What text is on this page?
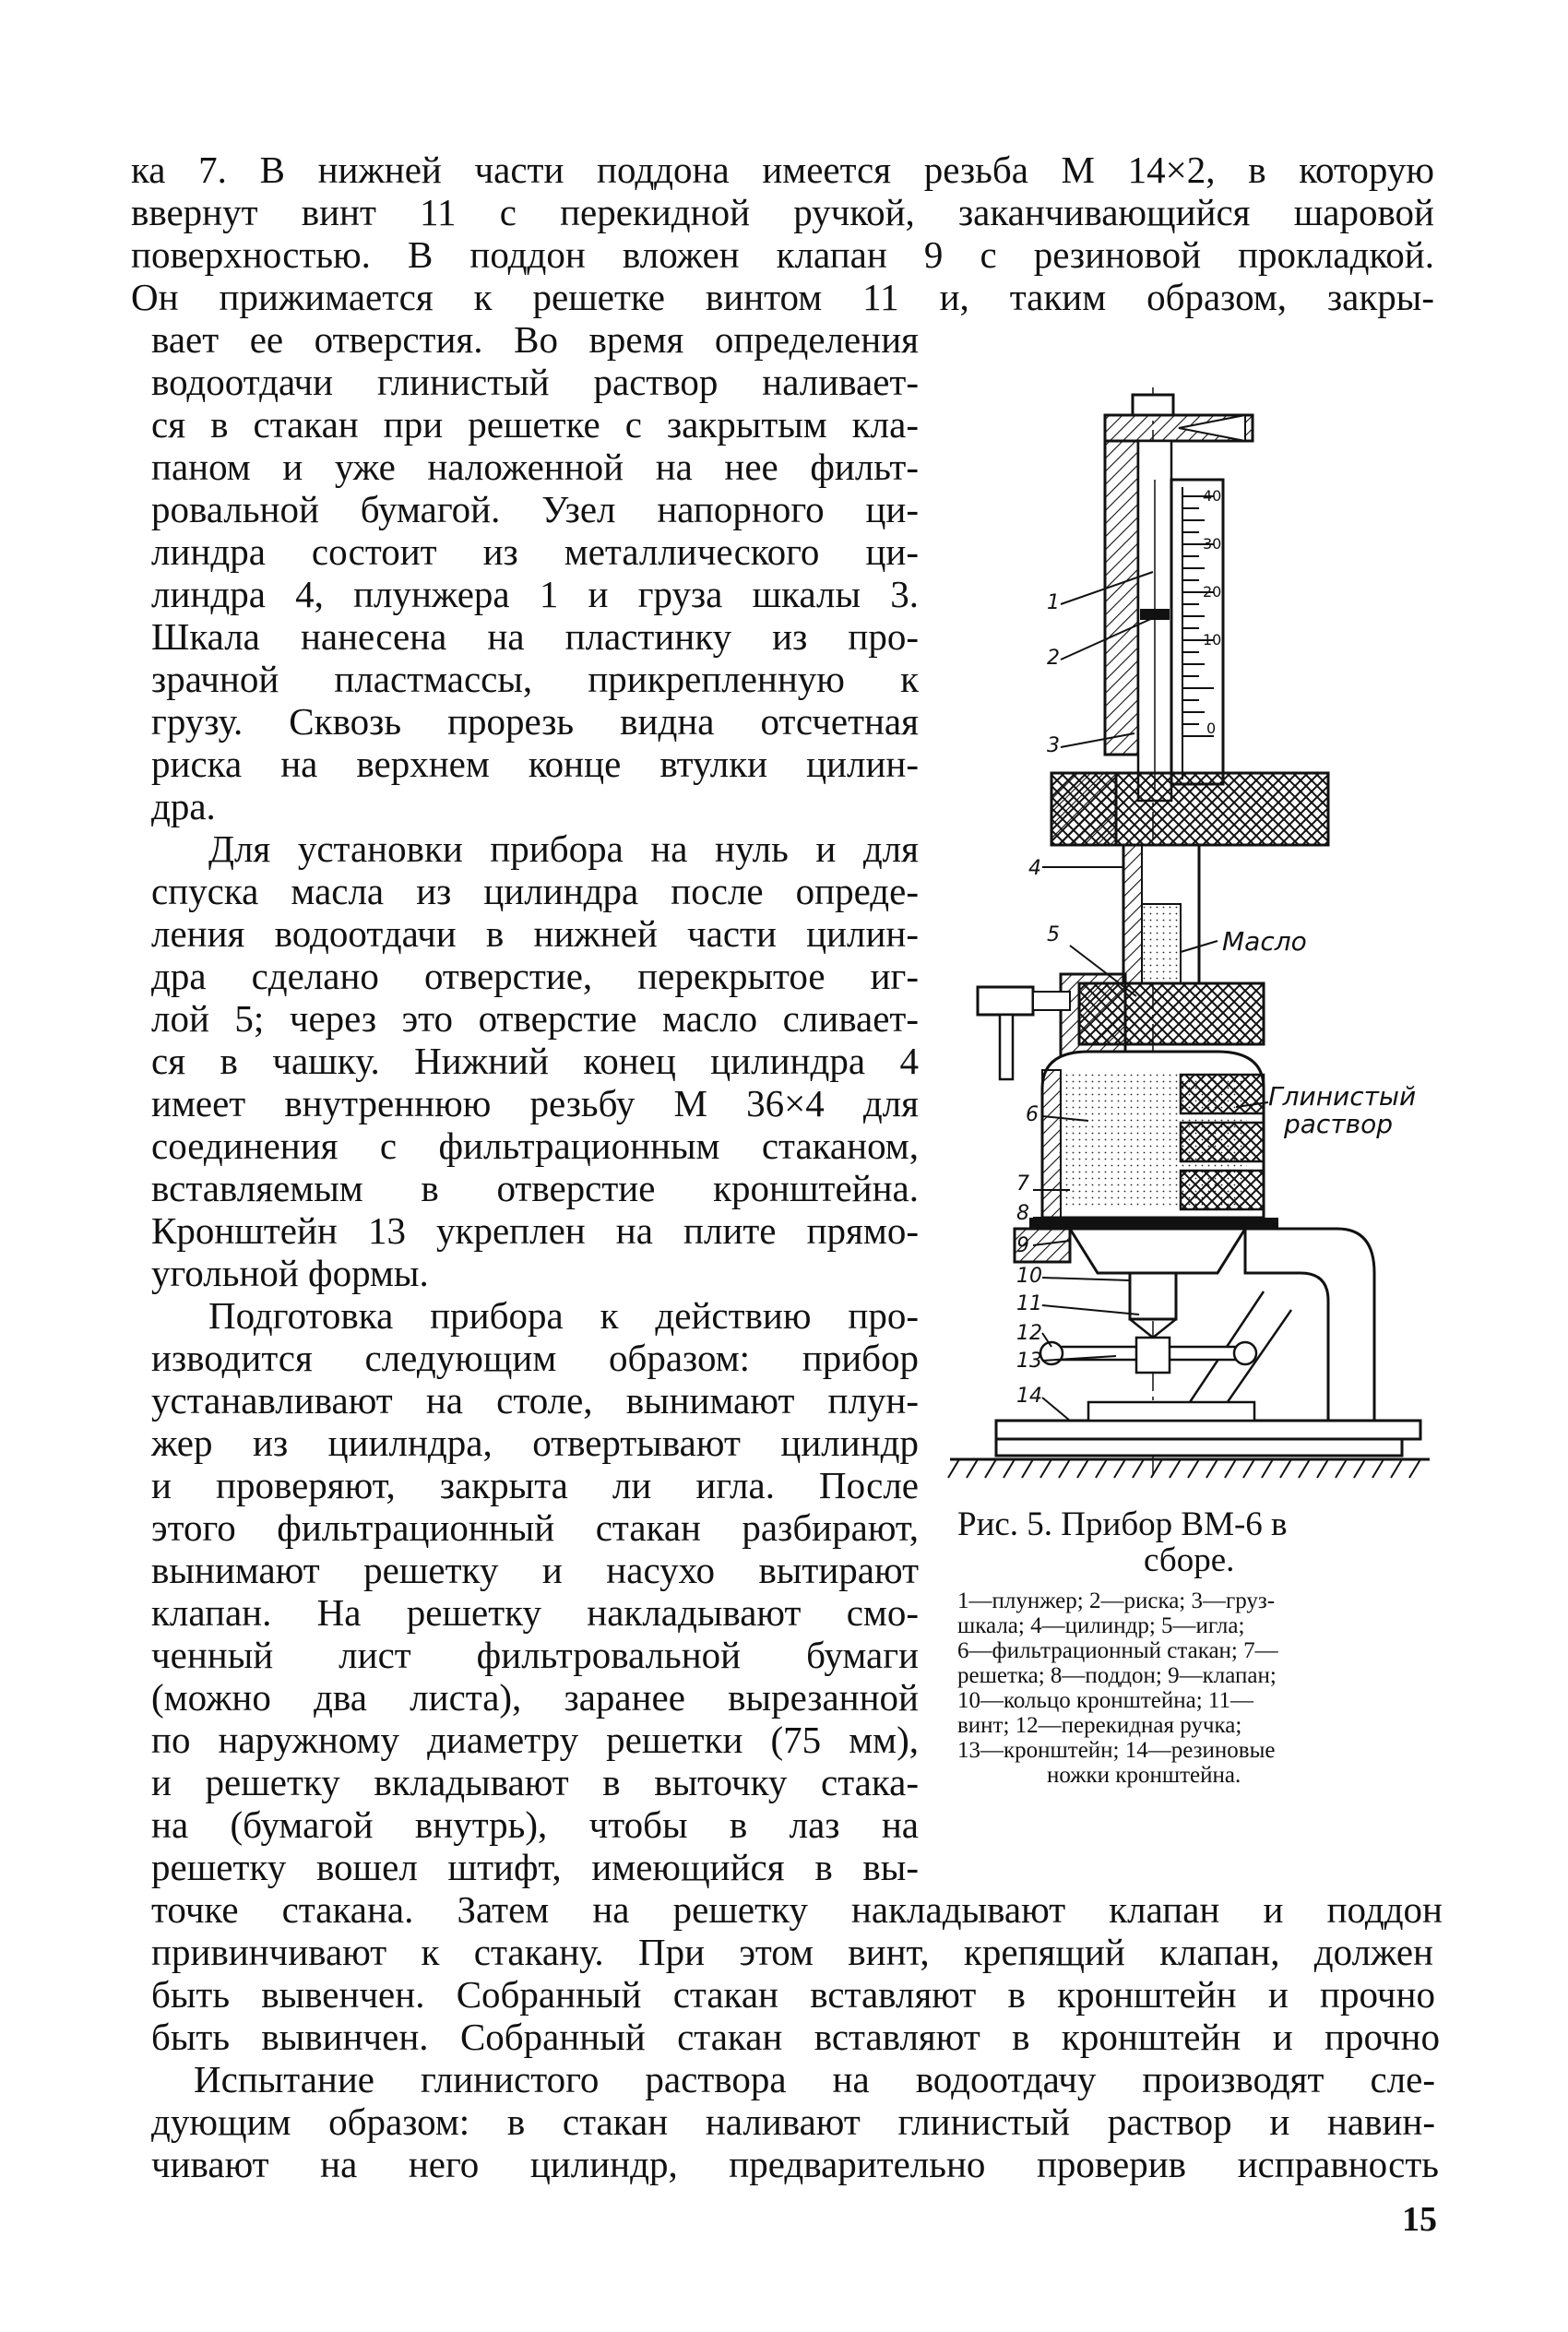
ка 7. В нижней части поддона имеется резьба М 14×2, в которую

ввернут винт 11 с перекидной ручкой, заканчивающийся шаровой

поверхностью. В поддон вложен клапан 9 с резиновой прокладкой.

Он прижимается к решетке винтом 11 и, таким образом, закры-

вает ее отверстия. Во время определения

водоотдачи глинистый раствор наливает-

ся в стакан при решетке с закрытым кла-

паном и уже наложенной на нее фильт-

ровальной бумагой. Узел напорного ци-

линдра состоит из металлического ци-

линдра 4, плунжера 1 и груза шкалы 3.

Шкала нанесена на пластинку из про-

зрачной пластмассы, прикрепленную к

грузу. Сквозь прорезь видна отсчетная

риска на верхнем конце втулки цилин-

дра.

Для установки прибора на нуль и для

спуска масла из цилиндра после опреде-

ления водоотдачи в нижней части цилин-

дра сделано отверстие, перекрытое иг-

лой 5; через это отверстие масло сливает-

ся в чашку. Нижний конец цилиндра 4

имеет внутреннюю резьбу М 36×4 для

соединения с фильтрационным стаканом,

вставляемым в отверстие кронштейна.

Кронштейн 13 укреплен на плите прямо-

угольной формы.

Подготовка прибора к действию про-

изводится следующим образом: прибор

устанавливают на столе, вынимают плун-

жер из циилндра, отвертывают цилиндр

и проверяют, закрыта ли игла. После

этого фильтрационный стакан разбирают,

вынимают решетку и насухо вытирают

клапан. На решетку накладывают смо-

ченный лист фильтровальной бумаги

(можно два листа), заранее вырезанной

по наружному диаметру решетки (75 мм),

и решетку вкладывают в выточку стака-

на (бумагой внутрь), чтобы в лаз на

решетку вошел штифт, имеющийся в вы-

точке стакана. Затем на решетку накладывают клапан и поддон

привинчивают к стакану. При этом винт, крепящий клапан, должен

быть вывенчен. Собранный стакан вставляют в кронштейн и прочно

быть вывинчен. Собранный стакан вставляют в кронштейн и прочно

Испытание глинистого раствора на водоотдачу производят сле-

дующим образом: в стакан наливают глинистый раствор и навин-

чивают на него цилиндр, предварительно проверив исправность

40
30
20
10
0
1
2
3
4
5
6
7
8
9
10
11
12
13
14
Масло
Глинистый
раствор
Рис. 5. Прибор ВМ-6 в
сборе.
1—плунжер; 2—риска; 3—груз-
шкала; 4—цилиндр; 5—игла;
6—фильтрационный стакан; 7—
решетка; 8—поддон; 9—клапан;
10—кольцо кронштейна; 11—
винт; 12—перекидная ручка;
13—кронштейн; 14—резиновые
ножки кронштейна.
15
